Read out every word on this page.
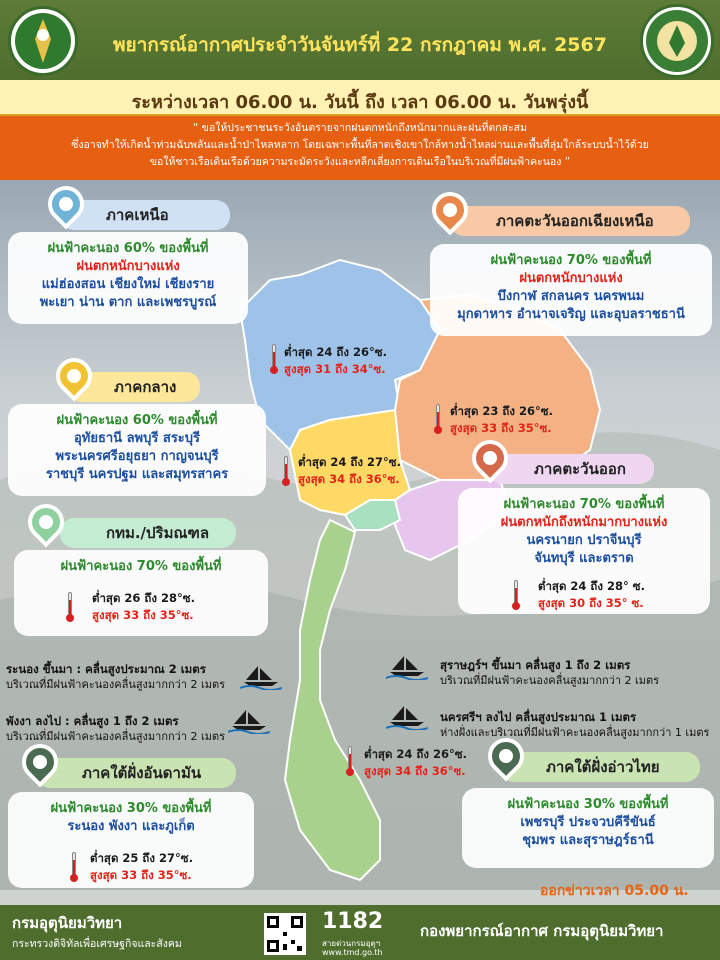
พยากรณ์อากาศประจำวันจันทร์ที่ 22 กรกฎาคม พ.ศ. 2567
ระหว่างเวลา 06.00 น. วันนี้ ถึง เวลา 06.00 น. วันพรุ่งนี้
“ ขอให้ประชาชนระวังอันตรายจากฝนตกหนักถึงหนักมากและฝนที่ตกสะสม
ซึ่งอาจทำให้เกิดน้ำท่วมฉับพลันและน้ำป่าไหลหลาก โดยเฉพาะพื้นที่ลาดเชิงเขาใกล้ทางน้ำไหลผ่านและพื้นที่ลุ่มใกล้ระบบน้ำไว้ด้วย
ขอให้ชาวเรือเดินเรือด้วยความระมัดระวังและหลีกเลี่ยงการเดินเรือในบริเวณที่มีฝนฟ้าคะนอง ”
ภาคเหนือ
ฝนฟ้าคะนอง 60% ของพื้นที่
ฝนตกหนักบางแห่ง
แม่ฮ่องสอน เชียงใหม่ เชียงราย
พะเยา น่าน ตาก และเพชรบูรณ์
ต่ำสุด 24 ถึง 26°ซ.
สูงสุด 31 ถึง 34°ซ.
ภาคตะวันออกเฉียงเหนือ
ฝนฟ้าคะนอง 70% ของพื้นที่
ฝนตกหนักบางแห่ง
บึงกาฬ สกลนคร นครพนม
มุกดาหาร อำนาจเจริญ และอุบลราชธานี
ต่ำสุด 23 ถึง 26°ซ.
สูงสุด 33 ถึง 35°ซ.
ภาคกลาง
ฝนฟ้าคะนอง 60% ของพื้นที่
อุทัยธานี ลพบุรี สระบุรี
พระนครศรีอยุธยา กาญจนบุรี
ราชบุรี นครปฐม และสมุทรสาคร
ต่ำสุด 24 ถึง 27°ซ.
สูงสุด 34 ถึง 36°ซ.
ภาคตะวันออก
ฝนฟ้าคะนอง 70% ของพื้นที่
ฝนตกหนักถึงหนักมากบางแห่ง
นครนายก ปราจีนบุรี
จันทบุรี และตราด
ต่ำสุด 24 ถึง 28° ซ.
สูงสุด 30 ถึง 35° ซ.
กทม./ปริมณฑล
ฝนฟ้าคะนอง 70% ของพื้นที่
ต่ำสุด 26 ถึง 28°ซ.
สูงสุด 33 ถึง 35°ซ.
ระนอง ขึ้นมา : คลื่นสูงประมาณ 2 เมตร
บริเวณที่มีฝนฟ้าคะนองคลื่นสูงมากกว่า 2 เมตร
พังงา ลงไป : คลื่นสูง 1 ถึง 2 เมตร
บริเวณที่มีฝนฟ้าคะนองคลื่นสูงมากกว่า 2 เมตร
สุราษฎร์ฯ ขึ้นมา คลื่นสูง 1 ถึง 2 เมตร
บริเวณที่มีฝนฟ้าคะนองคลื่นสูงมากกว่า 2 เมตร
นครศรีฯ ลงไป คลื่นสูงประมาณ 1 เมตร
ห่างฝั่งและบริเวณที่มีฝนฟ้าคะนองคลื่นสูงมากกว่า 1 เมตร
ต่ำสุด 24 ถึง 26°ซ.
สูงสุด 34 ถึง 36°ซ.
ภาคใต้ฝั่งอันดามัน
ฝนฟ้าคะนอง 30% ของพื้นที่
ระนอง พังงา และภูเก็ต
ต่ำสุด 25 ถึง 27°ซ.
สูงสุด 33 ถึง 35°ซ.
ภาคใต้ฝั่งอ่าวไทย
ฝนฟ้าคะนอง 30% ของพื้นที่
เพชรบุรี ประจวบคีรีขันธ์
ชุมพร และสุราษฎร์ธานี
ออกข่าวเวลา 05.00 น.
กรมอุตุนิยมวิทยา
กระทรวงดิจิทัลเพื่อเศรษฐกิจและสังคม
1182
สายด่วนกรมอุตุฯ
www.tmd.go.th
กองพยากรณ์อากาศ กรมอุตุนิยมวิทยา
